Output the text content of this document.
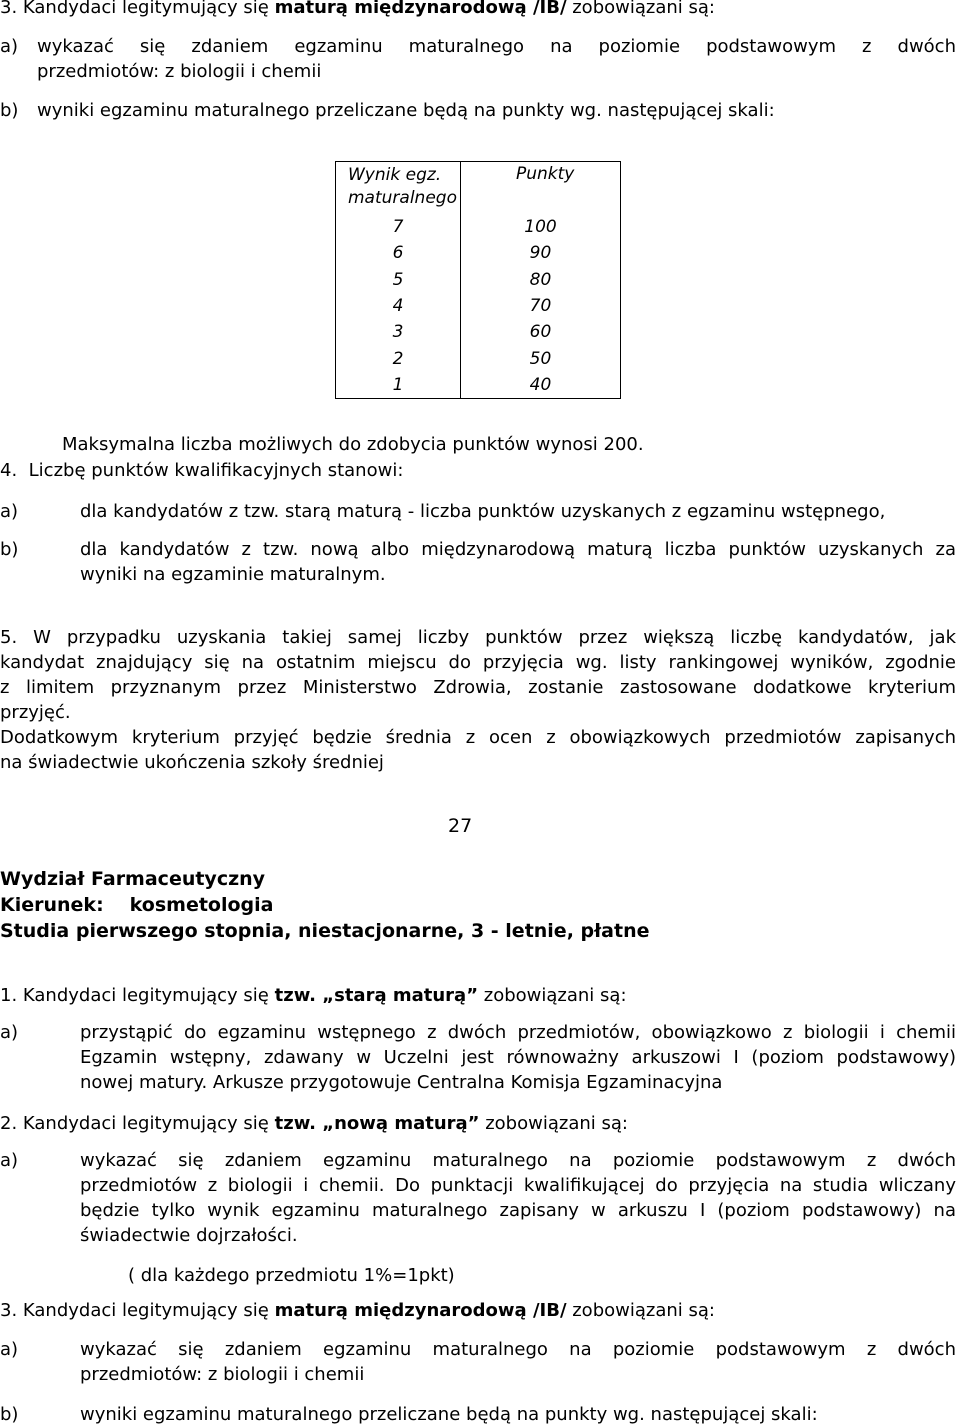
3. Kandydaci legitymujący się maturą międzynarodową /IB/ zobowiązani są:
a) wykazać się zdaniem egzaminu maturalnego na poziomie podstawowym z dwóch
przedmiotów: z biologii i chemii
b) wyniki egzaminu maturalnego przeliczane będą na punkty wg. następującej skali:
Wynik egz. maturalnego	Punkty
7	100
6	90
5	80
4	70
3	60
2	50
1	40
Maksymalna liczba możliwych do zdobycia punktów wynosi 200.
4. Liczbę punktów kwalifikacyjnych stanowi:
a)	dla kandydatów z tzw. starą maturą - liczba punktów uzyskanych z egzaminu wstępnego,
b)	dla kandydatów z tzw. nową albo międzynarodową maturą liczba punktów uzyskanych za
wyniki na egzaminie maturalnym.
5. W przypadku uzyskania takiej samej liczby punktów przez większą liczbę kandydatów, jak
kandydat znajdujący się na ostatnim miejscu do przyjęcia wg. listy rankingowej wyników, zgodnie
z limitem przyznanym przez Ministerstwo Zdrowia, zostanie zastosowane dodatkowe kryterium
przyjęć.
Dodatkowym kryterium przyjęć będzie średnia z ocen z obowiązkowych przedmiotów zapisanych
na świadectwie ukończenia szkoły średniej
27
Wydział Farmaceutyczny
Kierunek: kosmetologia
Studia pierwszego stopnia, niestacjonarne, 3 - letnie, płatne
1. Kandydaci legitymujący się tzw. „starą maturą” zobowiązani są:
a)	przystąpić do egzaminu wstępnego z dwóch przedmiotów, obowiązkowo z biologii i chemii
Egzamin wstępny, zdawany w Uczelni jest równoważny arkuszowi I (poziom podstawowy)
nowej matury. Arkusze przygotowuje Centralna Komisja Egzaminacyjna
2. Kandydaci legitymujący się tzw. „nową maturą” zobowiązani są:
a)	wykazać się zdaniem egzaminu maturalnego na poziomie podstawowym z dwóch
przedmiotów z biologii i chemii. Do punktacji kwalifikującej do przyjęcia na studia wliczany
będzie tylko wynik egzaminu maturalnego zapisany w arkuszu I (poziom podstawowy) na
świadectwie dojrzałości.
( dla każdego przedmiotu 1%=1pkt)
3. Kandydaci legitymujący się maturą międzynarodową /IB/ zobowiązani są:
a)	wykazać się zdaniem egzaminu maturalnego na poziomie podstawowym z dwóch
przedmiotów: z biologii i chemii
b)	wyniki egzaminu maturalnego przeliczane będą na punkty wg. następującej skali:
